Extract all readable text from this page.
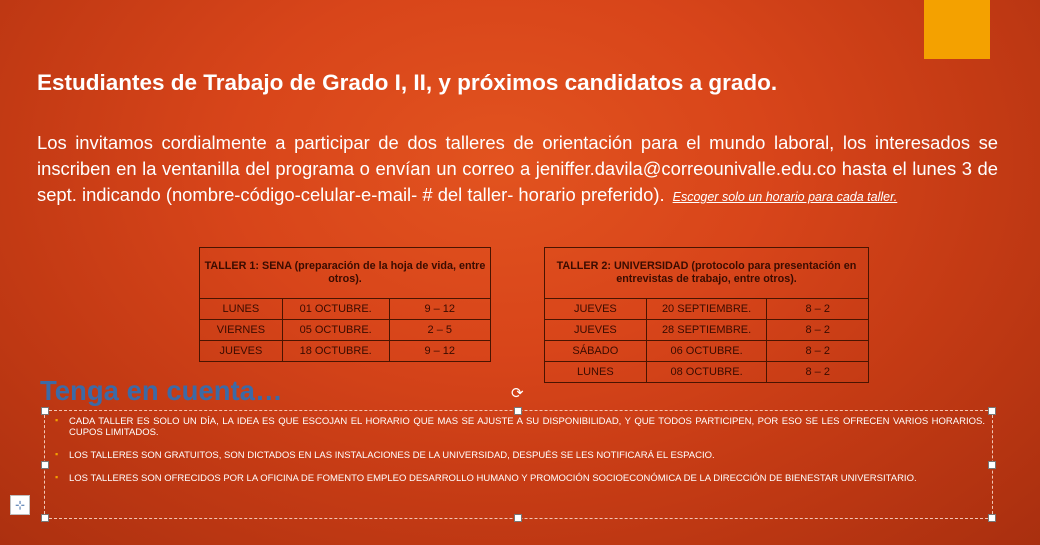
Estudiantes de Trabajo de Grado I, II, y próximos candidatos a grado.

Los invitamos cordialmente a participar de dos talleres de orientación para el mundo laboral, los interesados se inscriben en la ventanilla del programa o envían un correo a jeniffer.davila@correounivalle.edu.co hasta el lunes 3 de sept. indicando (nombre-código-celular-e-mail- # del taller- horario preferido). Escoger solo un horario para cada taller.

TALLER 1: SENA (preparación de la hoja de vida, entre otros).		
LUNES	01 OCTUBRE.	9 – 12
VIERNES	05 OCTUBRE.	2 – 5
JUEVES	18 OCTUBRE.	9 – 12
TALLER 2: UNIVERSIDAD (protocolo para presentación en entrevistas de trabajo, entre otros).		
JUEVES	20 SEPTIEMBRE.	8 – 2
JUEVES	28 SEPTIEMBRE.	8 – 2
SÁBADO	06 OCTUBRE.	8 – 2
LUNES	08 OCTUBRE.	8 – 2
Tenga en cuenta…	⟳
▪ CADA TALLER ES SOLO UN DÍA, LA IDEA ES QUE ESCOJAN EL HORARIO QUE MAS SE AJUSTE A SU DISPONIBILIDAD, Y QUE TODOS PARTICIPEN, POR ESO SE LES OFRECEN VARIOS HORARIOS. CUPOS LIMITADOS.
▪ LOS TALLERES SON GRATUITOS, SON DICTADOS EN LAS INSTALACIONES DE LA UNIVERSIDAD, DESPUÉS SE LES NOTIFICARÁ EL ESPACIO.
▪ LOS TALLERES SON OFRECIDOS POR LA OFICINA DE FOMENTO EMPLEO DESARROLLO HUMANO Y PROMOCIÓN SOCIOECONÓMICA DE LA DIRECCIÓN DE BIENESTAR UNIVERSITARIO.
⊹
